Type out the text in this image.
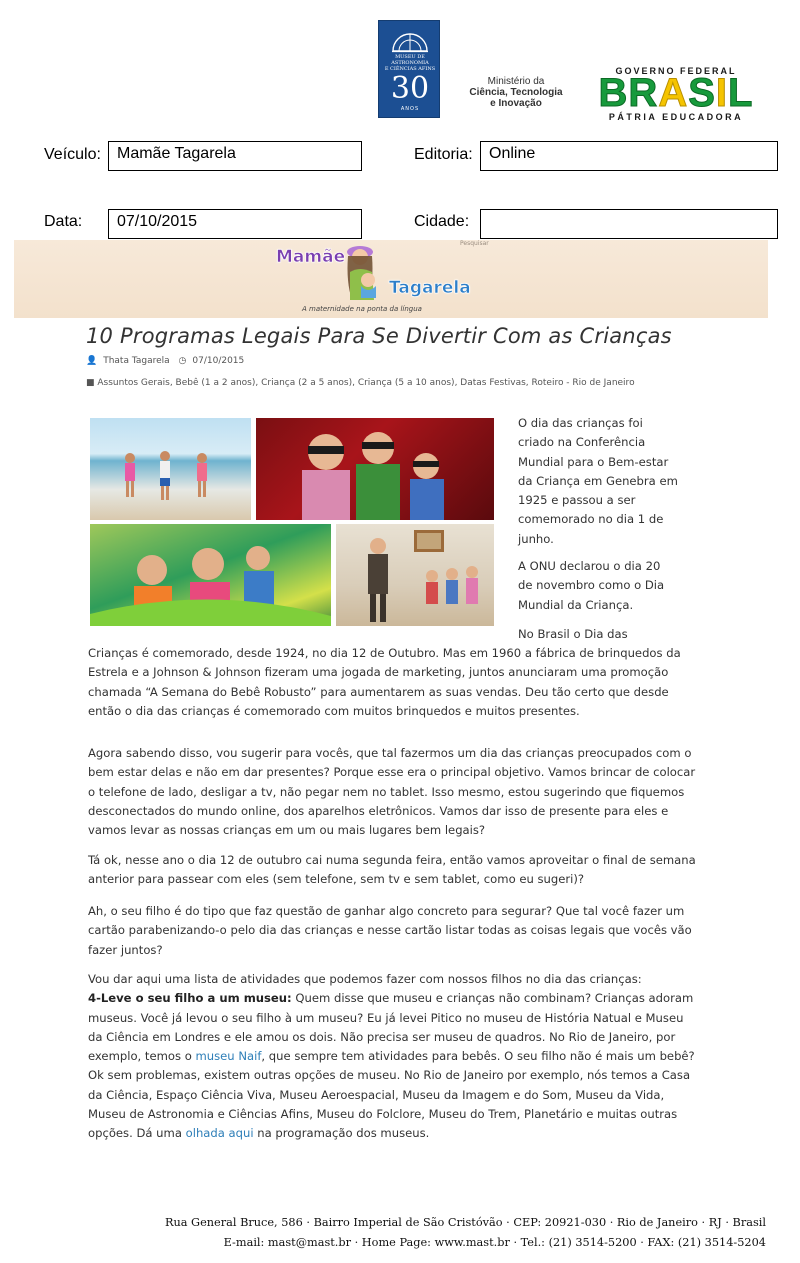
MUSEU DE
ASTRONOMIA
E CIÊNCIAS AFINS
30
ANOS
Ministério da
Ciência, Tecnologia
e Inovação
GOVERNO FEDERAL
BRASIL
PÁTRIA EDUCADORA
Veículo:	Mamãe Tagarela	Editoria:	Online
Data:	07/10/2015	Cidade:
Pesquisar
Mamãe
Tagarela
A maternidade na ponta da língua
10 Programas Legais Para Se Divertir Com as Crianças
👤 Thata Tagarela ◷ 07/10/2015
■ Assuntos Gerais, Bebê (1 a 2 anos), Criança (2 a 5 anos), Criança (5 a 10 anos), Datas Festivas, Roteiro - Rio de Janeiro
O dia das crianças foi criado na Conferência Mundial para o Bem-estar da Criança em Genebra em 1925 e passou a ser comemorado no dia 1 de junho.
A ONU declarou o dia 20 de novembro como o Dia Mundial da Criança.
No Brasil o Dia das
Crianças é comemorado, desde 1924, no dia 12 de Outubro. Mas em 1960 a fábrica de brinquedos da Estrela e a Johnson & Johnson fizeram uma jogada de marketing, juntos anunciaram uma promoção chamada “A Semana do Bebê Robusto” para aumentarem as suas vendas. Deu tão certo que desde então o dia das crianças é comemorado com muitos brinquedos e muitos presentes.
Agora sabendo disso, vou sugerir para vocês, que tal fazermos um dia das crianças preocupados com o bem estar delas e não em dar presentes? Porque esse era o principal objetivo. Vamos brincar de colocar o telefone de lado, desligar a tv, não pegar nem no tablet. Isso mesmo, estou sugerindo que fiquemos desconectados do mundo online, dos aparelhos eletrônicos. Vamos dar isso de presente para eles e vamos levar as nossas crianças em um ou mais lugares bem legais?
Tá ok, nesse ano o dia 12 de outubro cai numa segunda feira, então vamos aproveitar o final de semana anterior para passear com eles (sem telefone, sem tv e sem tablet, como eu sugeri)?
Ah, o seu filho é do tipo que faz questão de ganhar algo concreto para segurar? Que tal você fazer um cartão parabenizando-o pelo dia das crianças e nesse cartão listar todas as coisas legais que vocês vão fazer juntos?
Vou dar aqui uma lista de atividades que podemos fazer com nossos filhos no dia das crianças:
4-Leve o seu filho a um museu: Quem disse que museu e crianças não combinam? Crianças adoram museus. Você já levou o seu filho à um museu? Eu já levei Pitico no museu de História Natual e Museu da Ciência em Londres e ele amou os dois. Não precisa ser museu de quadros. No Rio de Janeiro, por exemplo, temos o museu Naif, que sempre tem atividades para bebês. O seu filho não é mais um bebê? Ok sem problemas, existem outras opções de museu. No Rio de Janeiro por exemplo, nós temos a Casa da Ciência, Espaço Ciência Viva, Museu Aeroespacial, Museu da Imagem e do Som, Museu da Vida, Museu de Astronomia e Ciências Afins, Museu do Folclore, Museu do Trem, Planetário e muitas outras opções. Dá uma olhada aqui na programação dos museus.
Rua General Bruce, 586 · Bairro Imperial de São Cristóvão · CEP: 20921-030 · Rio de Janeiro · RJ · Brasil
E-mail: mast@mast.br · Home Page: www.mast.br · Tel.: (21) 3514-5200 · FAX: (21) 3514-5204
